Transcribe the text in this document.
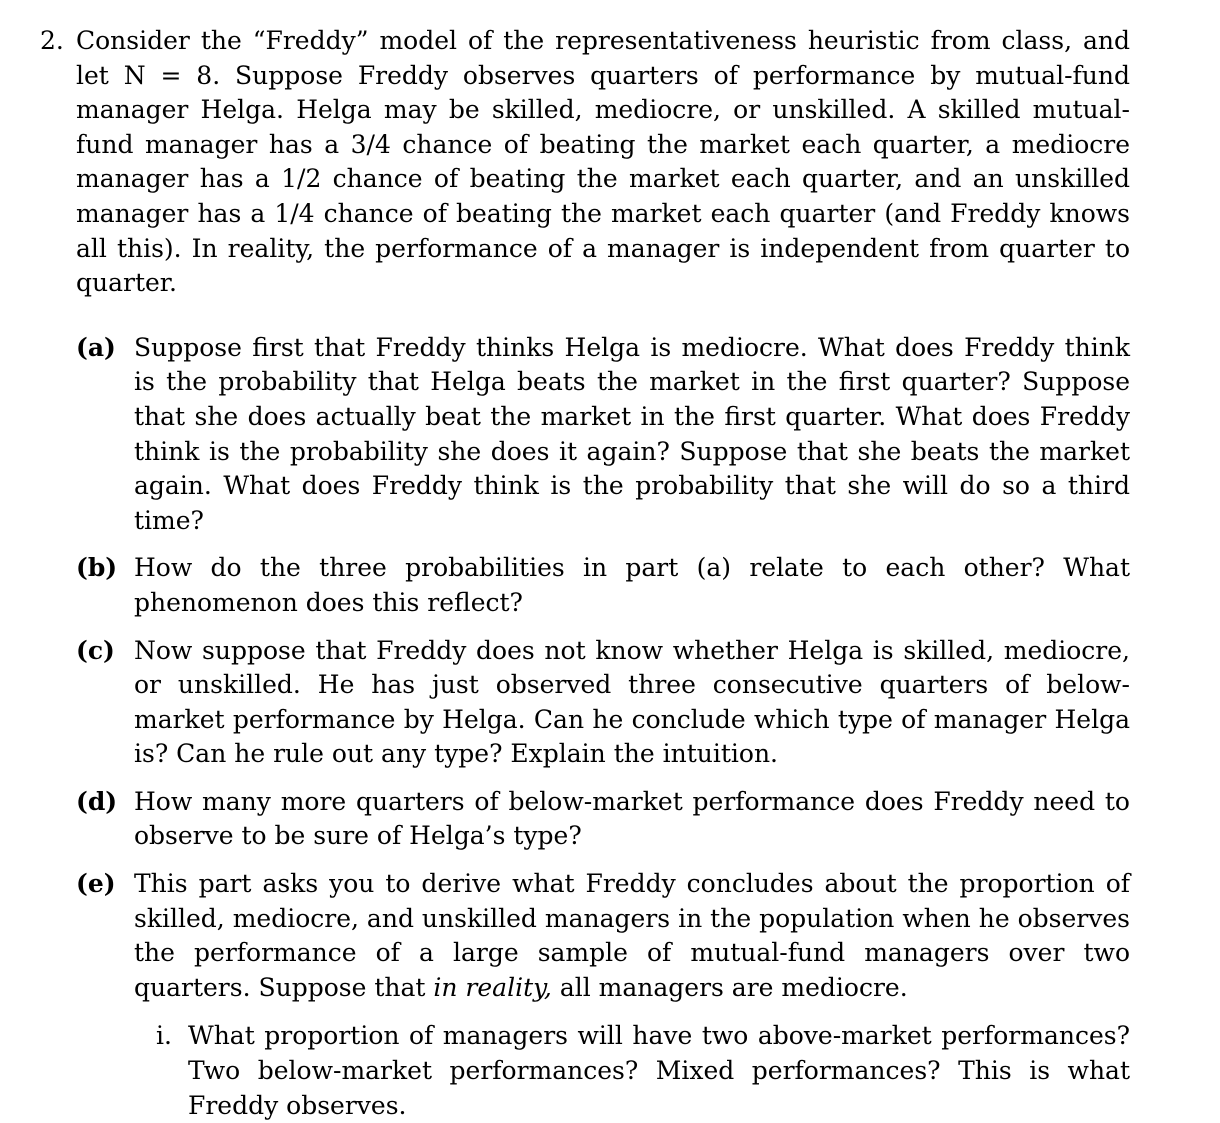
2. Consider the “Freddy” model of the representativeness heuristic from class, and let N = 8. Suppose Freddy observes quarters of performance by mutual-fund manager Helga. Helga may be skilled, mediocre, or unskilled. A skilled mutual-fund manager has a 3/4 chance of beating the market each quarter, a mediocre manager has a 1/2 chance of beating the market each quarter, and an unskilled manager has a 1/4 chance of beating the market each quarter (and Freddy knows all this). In reality, the performance of a manager is independent from quarter to quarter.
(a) Suppose first that Freddy thinks Helga is mediocre. What does Freddy think is the probability that Helga beats the market in the first quarter? Suppose that she does actually beat the market in the first quarter. What does Freddy think is the probability she does it again? Suppose that she beats the market again. What does Freddy think is the probability that she will do so a third time?
(b) How do the three probabilities in part (a) relate to each other? What phenomenon does this reflect?
(c) Now suppose that Freddy does not know whether Helga is skilled, mediocre, or unskilled. He has just observed three consecutive quarters of below-market performance by Helga. Can he conclude which type of manager Helga is? Can he rule out any type? Explain the intuition.
(d) How many more quarters of below-market performance does Freddy need to observe to be sure of Helga’s type?
(e) This part asks you to derive what Freddy concludes about the proportion of skilled, mediocre, and unskilled managers in the population when he observes the performance of a large sample of mutual-fund managers over two quarters. Suppose that in reality, all managers are mediocre.
i. What proportion of managers will have two above-market performances? Two below-market performances? Mixed performances? This is what Freddy observes.
